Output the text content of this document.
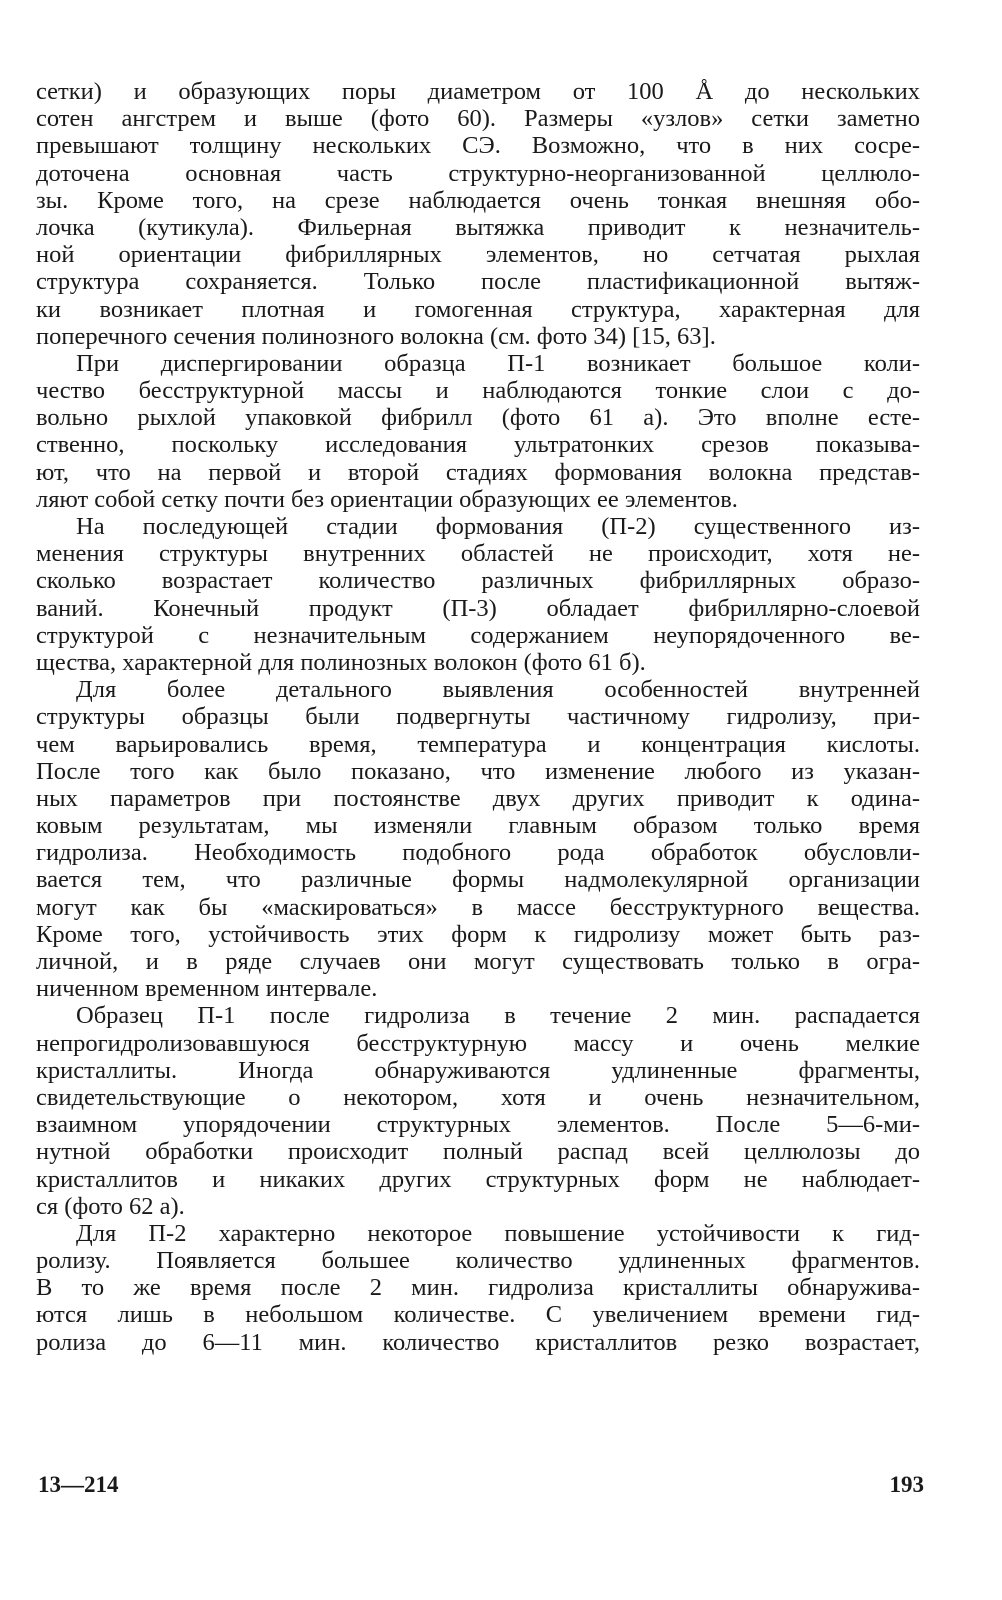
сетки) и образующих поры диаметром от 100 Å до нескольких
сотен ангстрем и выше (фото 60). Размеры «узлов» сетки заметно
превышают толщину нескольких СЭ. Возможно, что в них сосре-
доточена основная часть структурно-неорганизованной целлюло-
зы. Кроме того, на срезе наблюдается очень тонкая внешняя обо-
лочка (кутикула). Фильерная вытяжка приводит к незначитель-
ной ориентации фибриллярных элементов, но сетчатая рыхлая
структура сохраняется. Только после пластификационной вытяж-
ки возникает плотная и гомогенная структура, характерная для
поперечного сечения полинозного волокна (см. фото 34) [15, 63].
При диспергировании образца П-1 возникает большое коли-
чество бесструктурной массы и наблюдаются тонкие слои с до-
вольно рыхлой упаковкой фибрилл (фото 61 а). Это вполне есте-
ственно, поскольку исследования ультратонких срезов показыва-
ют, что на первой и второй стадиях формования волокна представ-
ляют собой сетку почти без ориентации образующих ее элементов.
На последующей стадии формования (П-2) существенного из-
менения структуры внутренних областей не происходит, хотя не-
сколько возрастает количество различных фибриллярных образо-
ваний. Конечный продукт (П-3) обладает фибриллярно-слоевой
структурой с незначительным содержанием неупорядоченного ве-
щества, характерной для полинозных волокон (фото 61 б).
Для более детального выявления особенностей внутренней
структуры образцы были подвергнуты частичному гидролизу, при-
чем варьировались время, температура и концентрация кислоты.
После того как было показано, что изменение любого из указан-
ных параметров при постоянстве двух других приводит к одина-
ковым результатам, мы изменяли главным образом только время
гидролиза. Необходимость подобного рода обработок обусловли-
вается тем, что различные формы надмолекулярной организации
могут как бы «маскироваться» в массе бесструктурного вещества.
Кроме того, устойчивость этих форм к гидролизу может быть раз-
личной, и в ряде случаев они могут существовать только в огра-
ниченном временном интервале.
Образец П-1 после гидролиза в течение 2 мин. распадается
непрогидролизовавшуюся бесструктурную массу и очень мелкие
кристаллиты. Иногда обнаруживаются удлиненные фрагменты,
свидетельствующие о некотором, хотя и очень незначительном,
взаимном упорядочении структурных элементов. После 5—6-ми-
нутной обработки происходит полный распад всей целлюлозы до
кристаллитов и никаких других структурных форм не наблюдает-
ся (фото 62 а).
Для П-2 характерно некоторое повышение устойчивости к гид-
ролизу. Появляется большее количество удлиненных фрагментов.
В то же время после 2 мин. гидролиза кристаллиты обнаружива-
ются лишь в небольшом количестве. С увеличением времени гид-
ролиза до 6—11 мин. количество кристаллитов резко возрастает,
13—214	193
